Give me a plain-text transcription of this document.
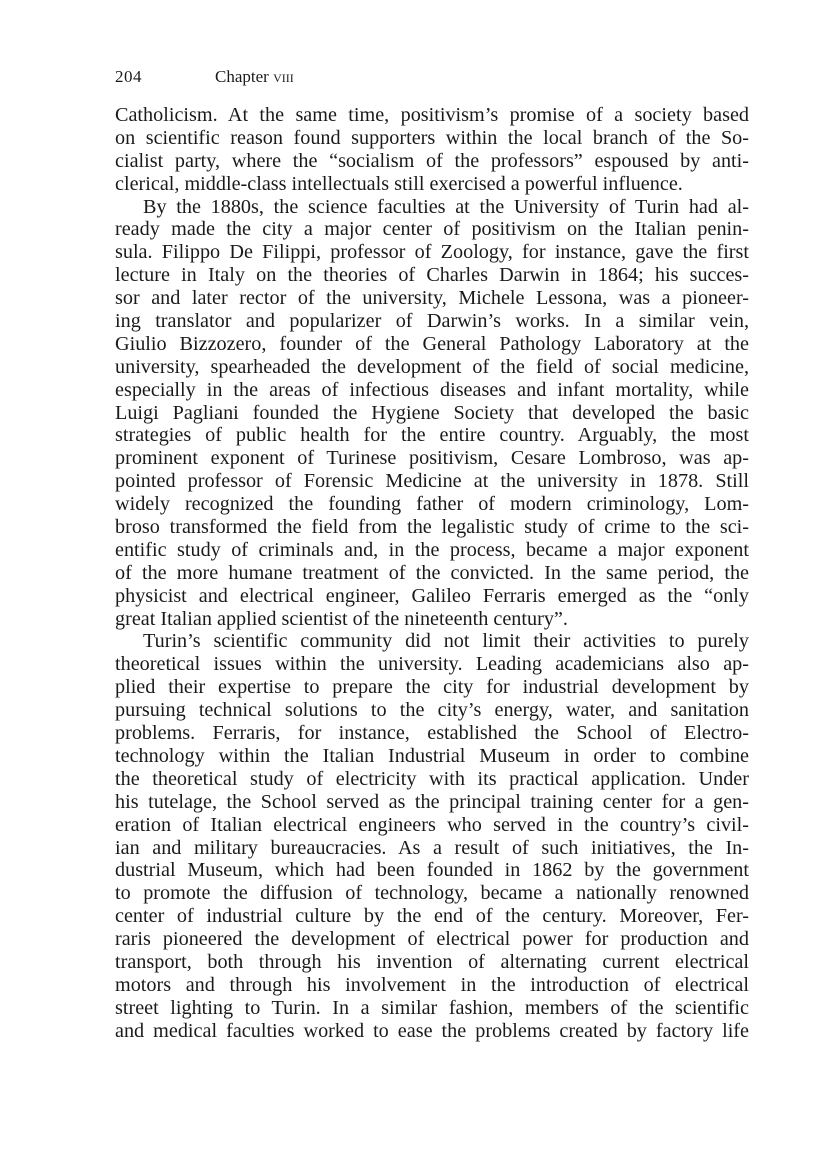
204	Chapter viii
Catholicism. At the same time, positivism’s promise of a society based
on scientific reason found supporters within the local branch of the So-
cialist party, where the “socialism of the professors” espoused by anti-
clerical, middle-class intellectuals still exercised a powerful influence.
By the 1880s, the science faculties at the University of Turin had al-
ready made the city a major center of positivism on the Italian penin-
sula. Filippo De Filippi, professor of Zoology, for instance, gave the first
lecture in Italy on the theories of Charles Darwin in 1864; his succes-
sor and later rector of the university, Michele Lessona, was a pioneer-
ing translator and popularizer of Darwin’s works. In a similar vein,
Giulio Bizzozero, founder of the General Pathology Laboratory at the
university, spearheaded the development of the field of social medicine,
especially in the areas of infectious diseases and infant mortality, while
Luigi Pagliani founded the Hygiene Society that developed the basic
strategies of public health for the entire country. Arguably, the most
prominent exponent of Turinese positivism, Cesare Lombroso, was ap-
pointed professor of Forensic Medicine at the university in 1878. Still
widely recognized the founding father of modern criminology, Lom-
broso transformed the field from the legalistic study of crime to the sci-
entific study of criminals and, in the process, became a major exponent
of the more humane treatment of the convicted. In the same period, the
physicist and electrical engineer, Galileo Ferraris emerged as the “only
great Italian applied scientist of the nineteenth century”.
Turin’s scientific community did not limit their activities to purely
theoretical issues within the university. Leading academicians also ap-
plied their expertise to prepare the city for industrial development by
pursuing technical solutions to the city’s energy, water, and sanitation
problems. Ferraris, for instance, established the School of Electro-
technology within the Italian Industrial Museum in order to combine
the theoretical study of electricity with its practical application. Under
his tutelage, the School served as the principal training center for a gen-
eration of Italian electrical engineers who served in the country’s civil-
ian and military bureaucracies. As a result of such initiatives, the In-
dustrial Museum, which had been founded in 1862 by the government
to promote the diffusion of technology, became a nationally renowned
center of industrial culture by the end of the century. Moreover, Fer-
raris pioneered the development of electrical power for production and
transport, both through his invention of alternating current electrical
motors and through his involvement in the introduction of electrical
street lighting to Turin. In a similar fashion, members of the scientific
and medical faculties worked to ease the problems created by factory life
